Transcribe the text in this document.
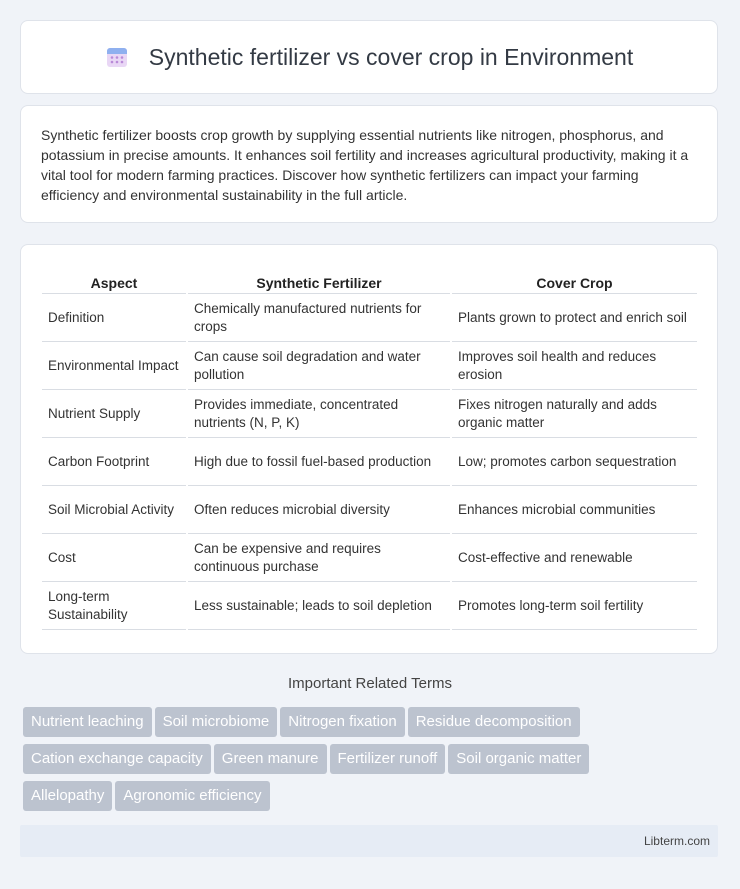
Synthetic fertilizer vs cover crop in Environment

Synthetic fertilizer boosts crop growth by supplying essential nutrients like nitrogen, phosphorus, and potassium in precise amounts. It enhances soil fertility and increases agricultural productivity, making it a vital tool for modern farming practices. Discover how synthetic fertilizers can impact your farming efficiency and environmental sustainability in the full article.

Aspect	Synthetic Fertilizer	Cover Crop
Definition	Chemically manufactured nutrients for crops	Plants grown to protect and enrich soil
Environmental Impact	Can cause soil degradation and water pollution	Improves soil health and reduces erosion
Nutrient Supply	Provides immediate, concentrated nutrients (N, P, K)	Fixes nitrogen naturally and adds organic matter
Carbon Footprint	High due to fossil fuel-based production	Low; promotes carbon sequestration
Soil Microbial Activity	Often reduces microbial diversity	Enhances microbial communities
Cost	Can be expensive and requires continuous purchase	Cost-effective and renewable
Long-term Sustainability	Less sustainable; leads to soil depletion	Promotes long-term soil fertility
Important Related Terms
Nutrient leaching Soil microbiome Nitrogen fixation Residue decomposition
Cation exchange capacity Green manure Fertilizer runoff Soil organic matter
Allelopathy Agronomic efficiency
Libterm.com
